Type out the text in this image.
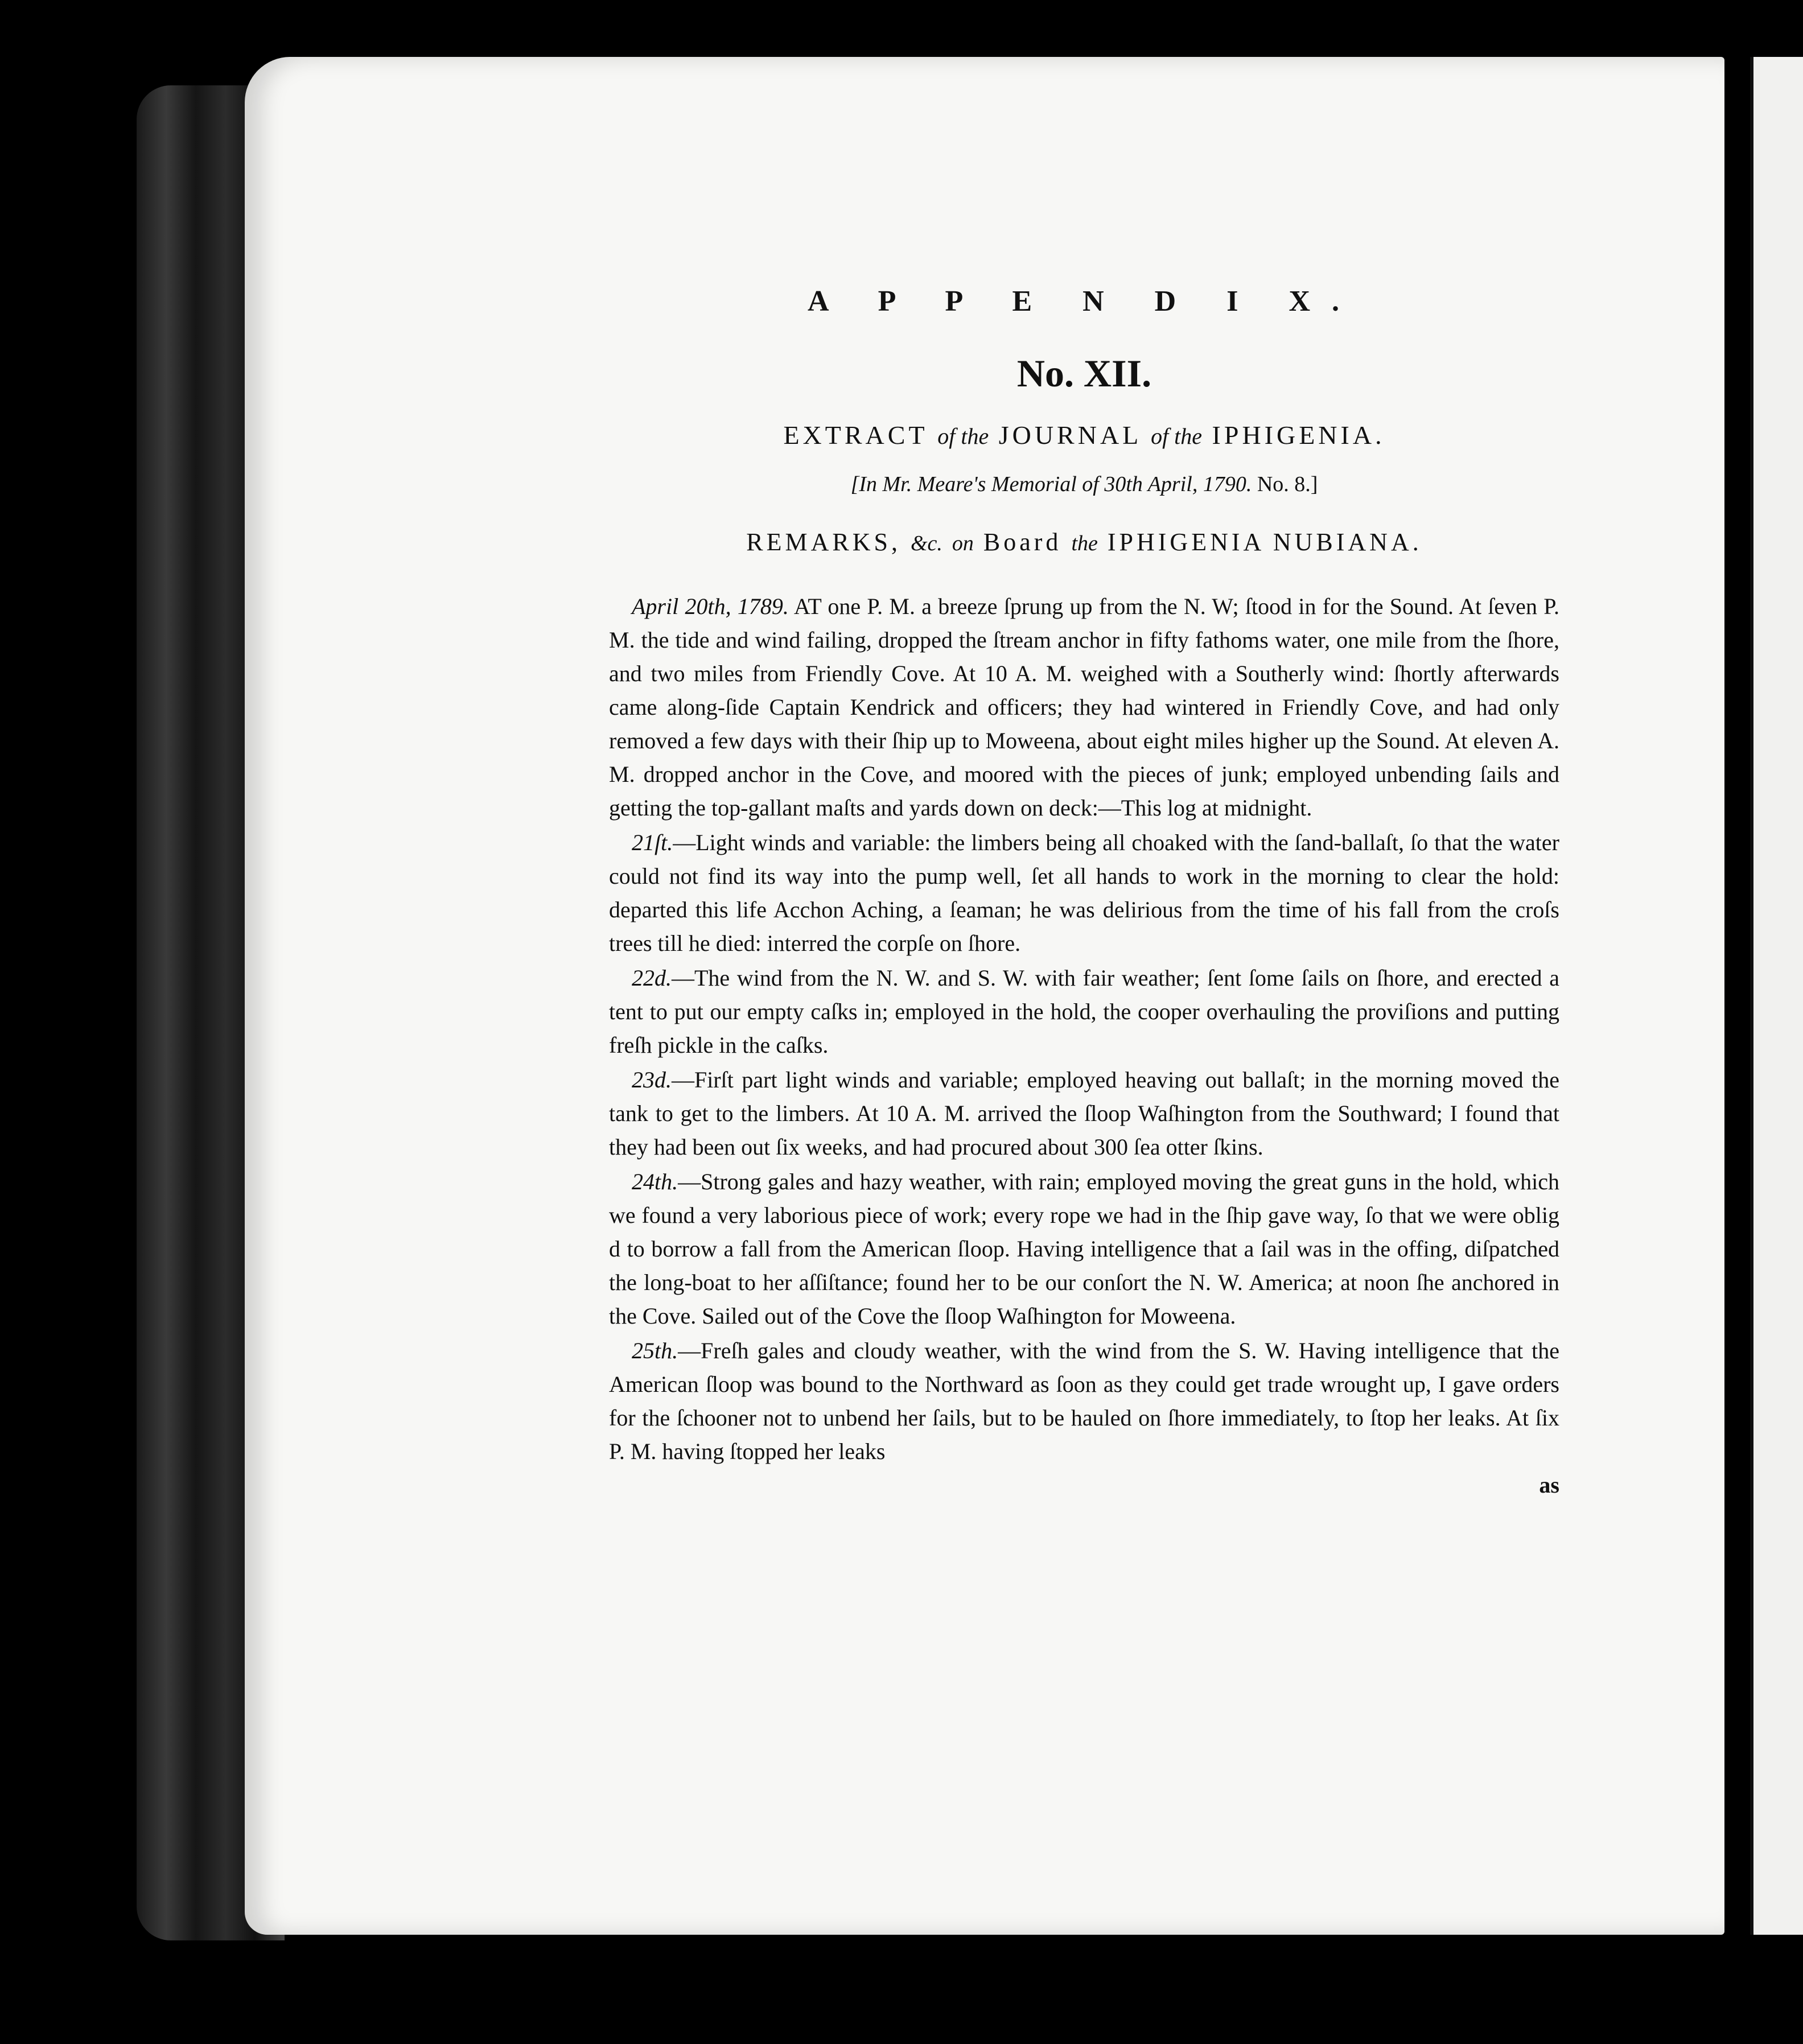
A P P E N D I X.
No. XII.
EXTRACT of the JOURNAL of the IPHIGENIA.
[In Mr. Meare's Memorial of 30th April, 1790. No. 8.]
REMARKS, &c. on Board the IPHIGENIA NUBIANA.

April 20th, 1789. AT one P. M. a breeze ſprung up from the N. W; ſtood in for the Sound. At ſeven P. M. the tide and wind failing, dropped the ſtream anchor in fifty fathoms water, one mile from the ſhore, and two miles from Friendly Cove. At 10 A. M. weighed with a Southerly wind: ſhortly afterwards came along-ſide Captain Kendrick and officers; they had wintered in Friendly Cove, and had only removed a few days with their ſhip up to Moweena, about eight miles higher up the Sound. At eleven A. M. dropped anchor in the Cove, and moored with the pieces of junk; employed unbending ſails and getting the top-gallant maſts and yards down on deck:—This log at midnight.

21ſt.—Light winds and variable: the limbers being all choaked with the ſand-ballaſt, ſo that the water could not find its way into the pump well, ſet all hands to work in the morning to clear the hold: departed this life Acchon Aching, a ſeaman; he was delirious from the time of his fall from the croſs trees till he died: interred the corpſe on ſhore.

22d.—The wind from the N. W. and S. W. with fair weather; ſent ſome ſails on ſhore, and erected a tent to put our empty caſks in; employed in the hold, the cooper overhauling the proviſions and putting freſh pickle in the caſks.

23d.—Firſt part light winds and variable; employed heaving out ballaſt; in the morning moved the tank to get to the limbers. At 10 A. M. arrived the ſloop Waſhington from the Southward; I found that they had been out ſix weeks, and had procured about 300 ſea otter ſkins.

24th.—Strong gales and hazy weather, with rain; employed moving the great guns in the hold, which we found a very laborious piece of work; every rope we had in the ſhip gave way, ſo that we were oblig d to borrow a fall from the American ſloop. Having intelligence that a ſail was in the offing, diſpatched the long-boat to her aſſiſtance; found her to be our conſort the N. W. America; at noon ſhe anchored in the Cove. Sailed out of the Cove the ſloop Waſhington for Moweena.

25th.—Freſh gales and cloudy weather, with the wind from the S. W. Having intelligence that the American ſloop was bound to the Northward as ſoon as they could get trade wrought up, I gave orders for the ſchooner not to unbend her ſails, but to be hauled on ſhore immediately, to ſtop her leaks. At ſix P. M. having ſtopped her leaks

as
